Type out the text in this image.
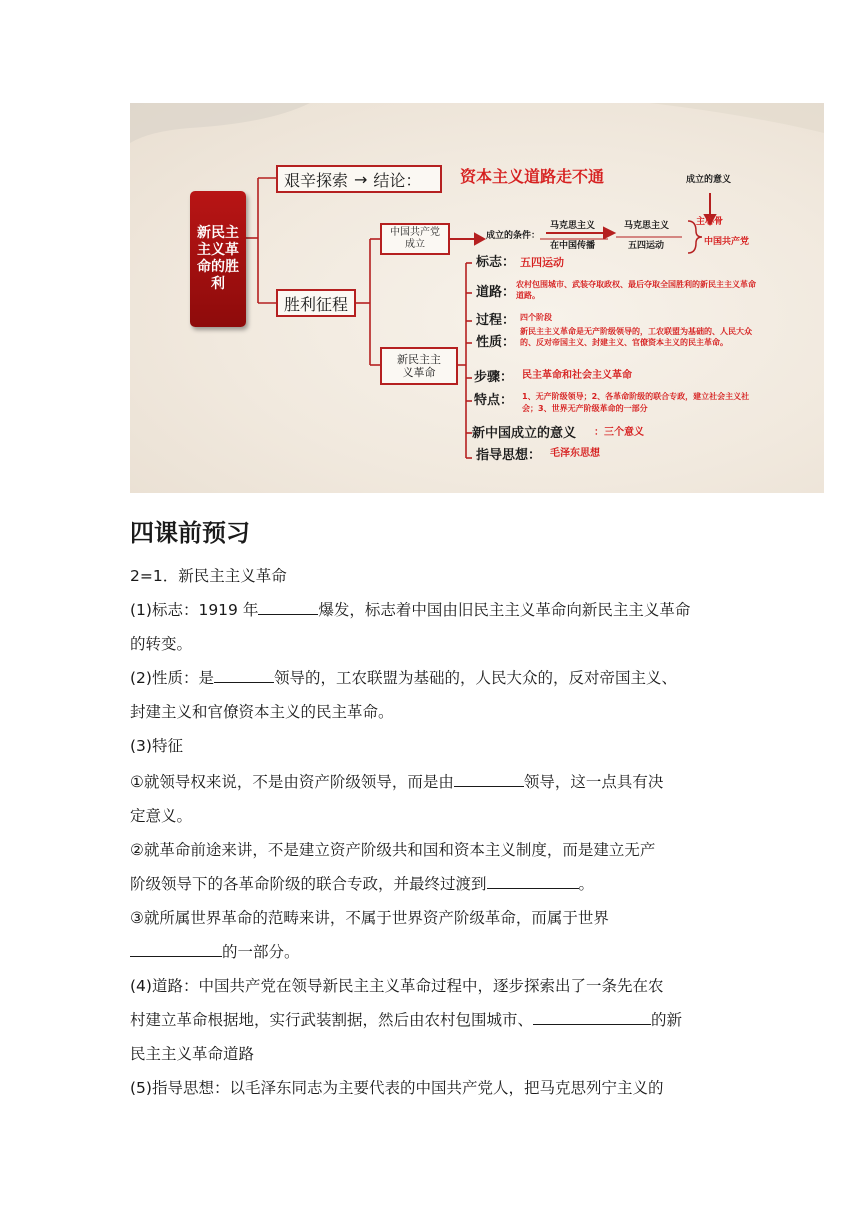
新民主主义革命的胜利
艰辛探索 → 结论： 资本主义道路走不通
胜利征程
中国共产党成立
成立的条件：
马克思主义
在中国传播
马克思主义
五四运动
成立的意义
主心骨
中国共产党
新民主主义革命
标志： 五四运动
道路：
农村包围城市、武装夺取政权、最后夺取全国胜利的新民主主义革命道路。
过程： 四个阶段
性质：
新民主主义革命是无产阶级领导的，工农联盟为基础的、人民大众的、反对帝国主义、封建主义、官僚资本主义的民主革命。
步骤： 民主革命和社会主义革命
特点： 1、无产阶级领导；2、各革命阶级的联合专政，建立社会主义社会；3、世界无产阶级革命的一部分
新中国成立的意义 ：三个意义
指导思想： 毛泽东思想
四课前预习
2=1．新民主主义革命
(1)标志：1919 年	爆发，标志着中国由旧民主主义革命向新民主主义革命
的转变。
(2)性质：是	领导的，工农联盟为基础的，人民大众的，反对帝国主义、
封建主义和官僚资本主义的民主革命。
(3)特征
①就领导权来说，不是由资产阶级领导，而是由	领导，这一点具有决
定意义。
②就革命前途来讲，不是建立资产阶级共和国和资本主义制度，而是建立无产
阶级领导下的各革命阶级的联合专政，并最终过渡到	。
③就所属世界革命的范畴来讲，不属于世界资产阶级革命，而属于世界
的一部分。
(4)道路：中国共产党在领导新民主主义革命过程中，逐步探索出了一条先在农
村建立革命根据地，实行武装割据，然后由农村包围城市、	的新
民主主义革命道路
(5)指导思想：以毛泽东同志为主要代表的中国共产党人，把马克思列宁主义的
